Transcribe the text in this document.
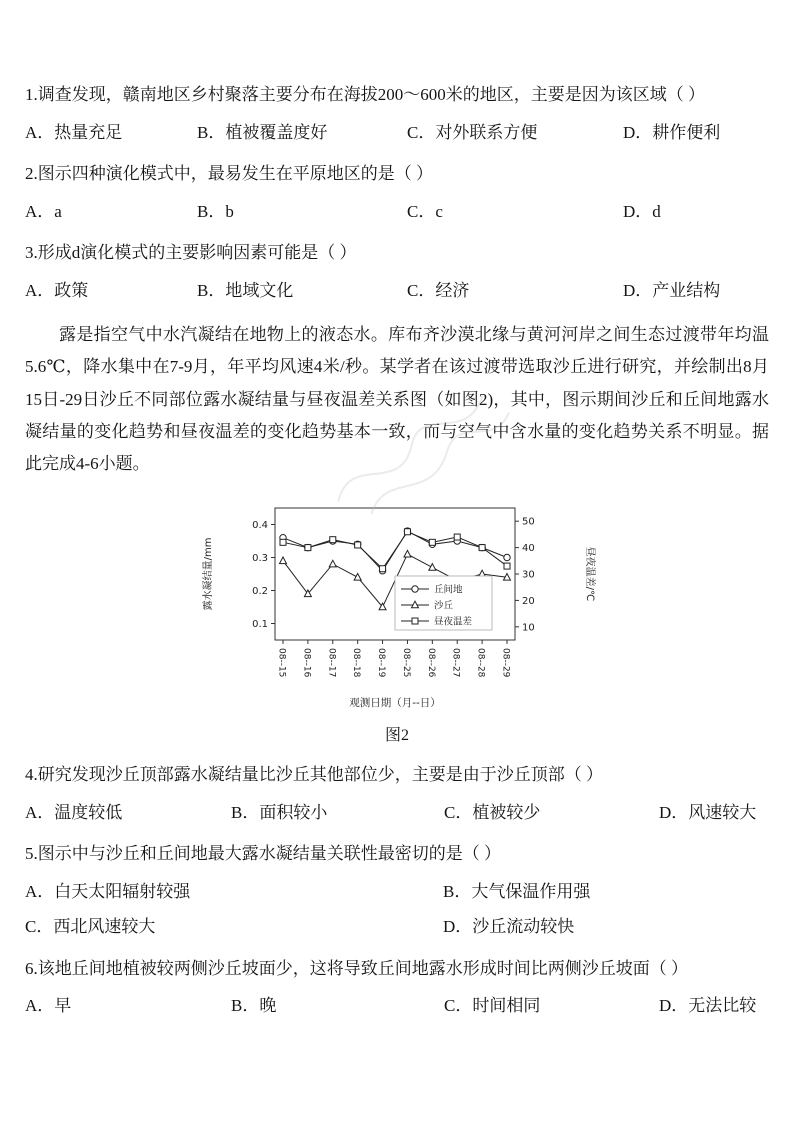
1.调查发现，赣南地区乡村聚落主要分布在海拔200～600米的地区，主要是因为该区域（ ）

A．热量充足	B．植被覆盖度好	C．对外联系方便	D．耕作便利

2.图示四种演化模式中，最易发生在平原地区的是（ ）

A．a	B．b	C．c	D．d

3.形成d演化模式的主要影响因素可能是（ ）

A．政策	B．地域文化	C．经济	D．产业结构

露是指空气中水汽凝结在地物上的液态水。库布齐沙漠北缘与黄河河岸之间生态过渡带年均温5.6℃，降水集中在7-9月，年平均风速4米/秒。某学者在该过渡带选取沙丘进行研究，并绘制出8月15日-29日沙丘不同部位露水凝结量与昼夜温差关系图（如图2)，其中，图示期间沙丘和丘间地露水凝结量的变化趋势和昼夜温差的变化趋势基本一致，而与空气中含水量的变化趋势关系不明显。据此完成4-6小题。

0.1
0.2
0.3
0.4
10
20
30
40
50
08--15 08--16 08--17 08--18 08--19 08--25 08--26 08--27 08--28 08--29
露水凝结量/mm	昼夜温差/℃
观测日期（月--日）
丘间地
沙丘
昼夜温差
图2

4.研究发现沙丘顶部露水凝结量比沙丘其他部位少，主要是由于沙丘顶部（ ）

A．温度较低	B．面积较小	C．植被较少	D．风速较大

5.图示中与沙丘和丘间地最大露水凝结量关联性最密切的是（ ）

A．白天太阳辐射较强	B．大气保温作用强
C．西北风速较大	D．沙丘流动较快

6.该地丘间地植被较两侧沙丘坡面少，这将导致丘间地露水形成时间比两侧沙丘坡面（ ）

A．早	B．晚	C．时间相同	D．无法比较
